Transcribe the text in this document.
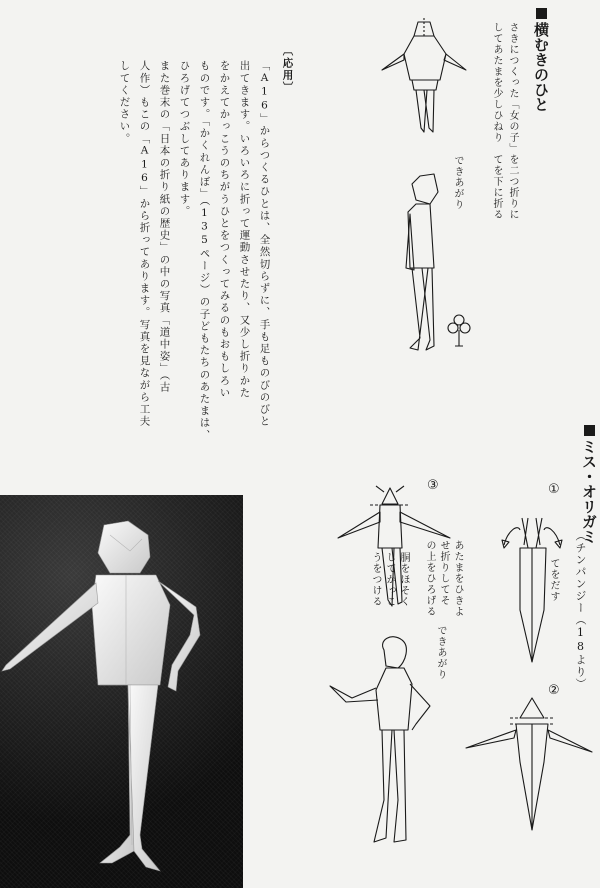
横むきのひと
さきにつくった「女の子」を二つ折りに
してあたまを少しひねり　てを下に折る
できあがり
〔応用〕
「A16」からつくるひとは、全然切らずに、手も足ものびのびと
出てきます。いろいろに折って運動させたり、又少し折りかた
をかえてかっこうのちがうひとをつくってみるのもおもしろい
ものです。「かくれんぼ」（135ページ）の子どもたちのあたまは、
ひろげてつぶしてあります。
また巻末の「日本の折り紙の歴史」の中の写真「道中姿」（古
人作）もこの「A16」から折ってあります。写真を見ながら工夫
してください。
ミス・オリガミ
（チンパンジー（18より）
①
てをだす
②
③
あたまをひきよ
せ折りしてそ
の上をひろげる
胴をほそく
してかっこ
うをつける
できあがり
